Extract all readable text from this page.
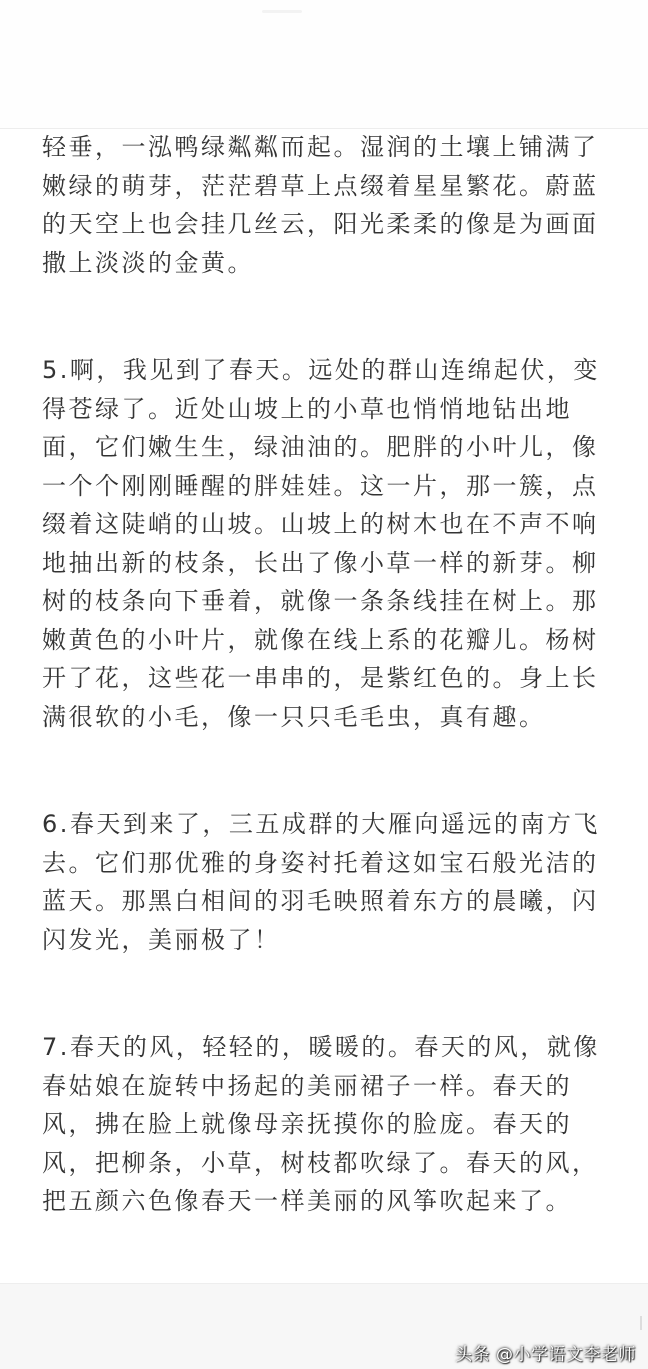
轻垂，一泓鸭绿粼粼而起。湿润的土壤上铺满了
嫩绿的萌芽，茫茫碧草上点缀着星星繁花。蔚蓝
的天空上也会挂几丝云，阳光柔柔的像是为画面
撒上淡淡的金黄。
5.啊，我见到了春天。远处的群山连绵起伏，变
得苍绿了。近处山坡上的小草也悄悄地钻出地
面，它们嫩生生，绿油油的。肥胖的小叶儿，像
一个个刚刚睡醒的胖娃娃。这一片，那一簇，点
缀着这陡峭的山坡。山坡上的树木也在不声不响
地抽出新的枝条，长出了像小草一样的新芽。柳
树的枝条向下垂着，就像一条条线挂在树上。那
嫩黄色的小叶片，就像在线上系的花瓣儿。杨树
开了花，这些花一串串的，是紫红色的。身上长
满很软的小毛，像一只只毛毛虫，真有趣。
6.春天到来了，三五成群的大雁向遥远的南方飞
去。它们那优雅的身姿衬托着这如宝石般光洁的
蓝天。那黑白相间的羽毛映照着东方的晨曦，闪
闪发光，美丽极了！
7.春天的风，轻轻的，暖暖的。春天的风，就像
春姑娘在旋转中扬起的美丽裙子一样。春天的
风，拂在脸上就像母亲抚摸你的脸庞。春天的
风，把柳条，小草，树枝都吹绿了。春天的风，
把五颜六色像春天一样美丽的风筝吹起来了。
头条 @小学语文李老师
